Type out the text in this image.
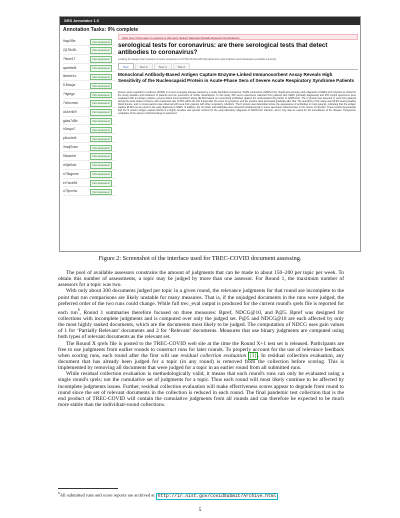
SRS Annotator 1.0
Annotation Tasks: 9% complete
lhqu0l9e	Not assessed
2j178x2b	Not assessed
7fixne17	Not assessed
qwnbte6l	Not assessed
lbmnfz1o	Not assessed
5.5mujzr	Not assessed
7rlgnlgo	Not assessed
7c0ncmxk	Not assessed
uk1ev6r9	Not assessed
g6as7d5b	Not assessed
ir3ovpz7	Not assessed
p6uv4ebl	Not assessed
3mqf2xwo	Not assessed
9dusehtt	Not assessed
m0jd5utv	Not assessed
n73bgnme	Not assessed
er7wce84	Not assessed
n73pxnhv	Not assessed
Click here if this paper is relevant to this topic (below) Relevant Partially Relevant Not Relevant
serological tests for coronavirus: are there serological tests that detect antibodies to coronavirus?
Looking for assays that measure immune response to COVID-19 that will help determine past infection and subsequent possible immunity.
Text	Text 2	Text 3	Tab 4
Monoclonal Antibody-Based Antigen Capture Enzyme-Linked Immunosorbent Assay Reveals High Sensitivity of the Nucleocapsid Protein in Acute-Phase Sera of Severe Acute Respiratory Syndrome Patients
Severe acute respiratory syndrome (SARS) is a novel emerging disease caused by a newly identified coronavirus, SARS coronavirus (SARS-CoV). Rapid and accurate early diagnosis of SARS-CoV infection is critical for the timely isolation and treatment of patients and the prevention of further transmission. In this study, 625 serum specimens collected from patients with SARS (clinically diagnosed) and 425 control specimens were evaluated with an antigen capture enzyme-linked immunosorbent assay (ELISA) based on monoclonal antibodies against the nucleocapsid (N) protein of SARS-CoV. The N protein was detected in sera from patients during the acute phase of illness, with a detection rate of 94% within the first 5 days after the onset of symptoms, and the positive rates decreased gradually after that. The specificity of the assay was 99.9% among healthy blood donors, and no cross-reaction was observed with sera from patients with other respiratory infections. The N protein was detectable before the appearance of antibodies in most patients, indicating that the antigen capture ELISA can be used for the early diagnosis of SARS. In addition, the N protein and antibodies were detected simultaneously in some specimens collected later in the course of infection. These results demonstrate that the N protein antigen capture ELISA is a highly sensitive and specific method for the early laboratory diagnosis of SARS-CoV infection, and it may also be useful for the surveillance of the disease. Prospective evaluation of the assay in clinical settings is warranted.
Figure 2: Screenshot of the interface used for TREC-COVID document assessing.

The pool of available assessors constrains the amount of judgments that can be made to about 150–200 per topic per week. To obtain this number of assessments, a topic may be judged by more than one assessor. For Round 1, the maximum number of assessors for a topic was two.

With only about 300 documents judged per topic in a given round, the relevance judgments for that round are incomplete to the point that run comparisons are likely unstable for many measures. That is, if the unjudged documents in the runs were judged, the preferred order of the two runs could change. While full trec_eval output is produced for the current round's qrels file is reported for each run$^6$, Round 1 summaries therefore focused on three measures: Bpref, NDCG@10, and P@5. Bpref was designed for collections with incomplete judgments and is computed over only the judged set. P@5 and NDCG@10 are each affected by only the most highly ranked documents, which are the documents most likely to be judged. The computation of NDCG uses gain values of 1 for ‘Partially Relevant’ documents and 2 for ‘Relevant’ documents. Measures that use binary judgments are computed using both types of relevant documents as the relevant set.

The Round X qrels file is posted to the TREC-COVID web site at the time the Round X+1 test set is released. Participants are free to use judgments from earlier rounds to construct runs for later rounds. To properly account for the use of relevance feedback when scoring runs, each round after the first will use residual collection evaluation [3] . In residual collection evaluation, any document that has already been judged for a topic (in any round) is removed from the collection before scoring. This is implemented by removing all documents that were judged for a topic in an earlier round from all submitted runs.

While residual collection evaluation is methodologically valid, it means that each round's runs can only be evaluated using a single round's qrels; not the cumulative set of judgments for a topic. Thus each round will most likely continue to be affected by incomplete judgments issues. Further, residual collection evaluation will make effectiveness scores appear to degrade from round to round since the set of relevant documents in the collection is reduced in each round. The final pandemic test collection that is the end product of TREC-COVID will contain the cumulative judgments from all rounds and can therefore be expected to be much more stable than the individual-round collections.

$^6$All submitted runs and score reports are archived at http://ir.nist.gov/covidSubmit/Archive.html
5
